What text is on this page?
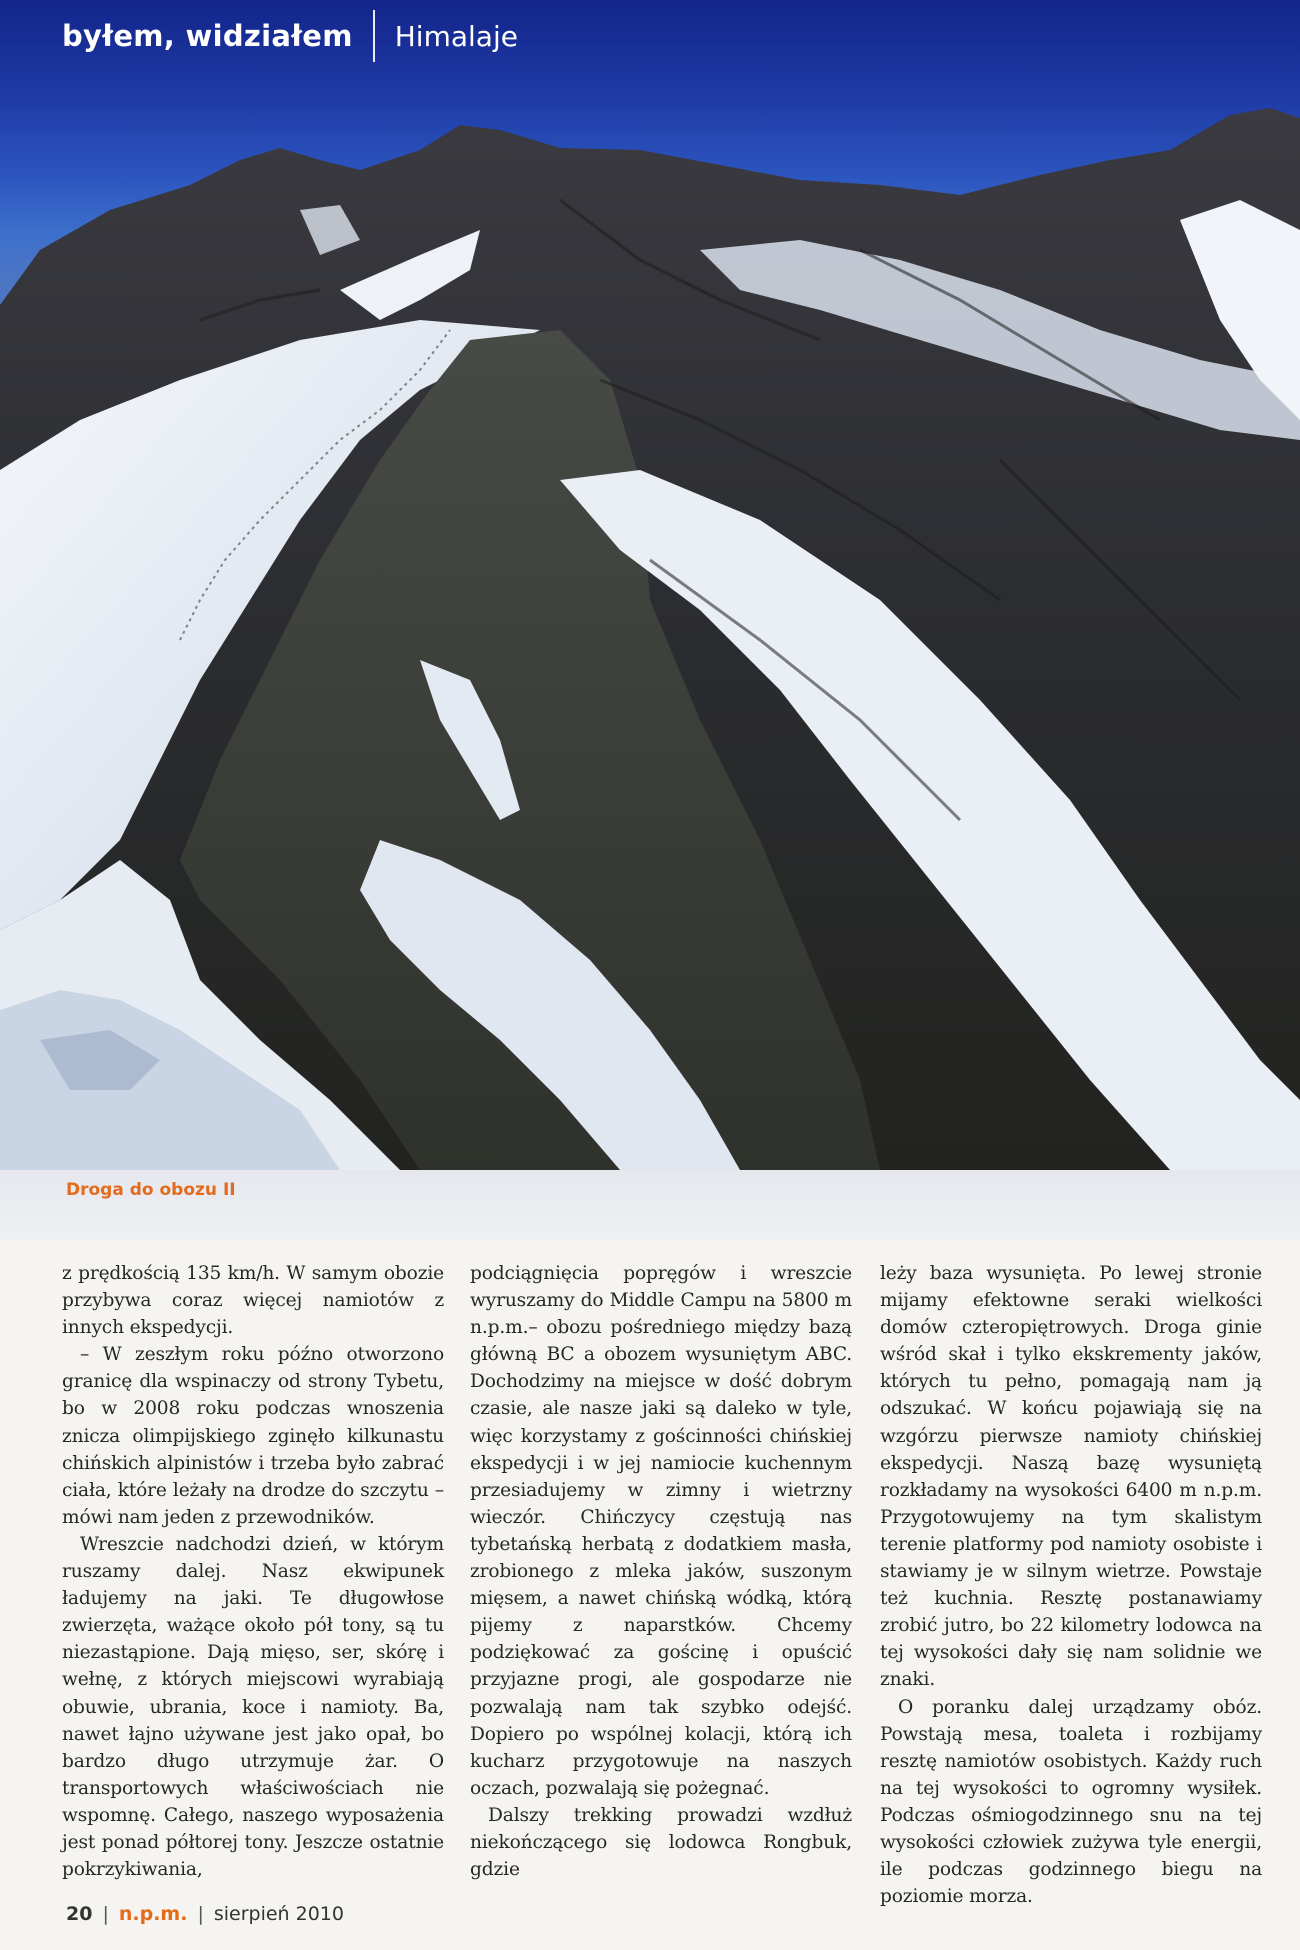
byłem, widziałem Himalaje
Droga do obozu II

z prędkością 135 km/h. W samym obozie przybywa coraz więcej namiotów z innych ekspedycji.

– W zeszłym roku późno otworzono granicę dla wspinaczy od strony Tybetu, bo w 2008 roku podczas wnoszenia znicza olimpijskiego zginęło kilkunastu chińskich alpinistów i trzeba było zabrać ciała, które leżały na drodze do szczytu – mówi nam jeden z przewodników.

Wreszcie nadchodzi dzień, w którym ruszamy dalej. Nasz ekwipunek ładujemy na jaki. Te długowłose zwierzęta, ważące około pół tony, są tu niezastąpione. Dają mięso, ser, skórę i wełnę, z których miejscowi wyrabiają obuwie, ubrania, koce i namioty. Ba, nawet łajno używane jest jako opał, bo bardzo długo utrzymuje żar. O transportowych właściwościach nie wspomnę. Całego, naszego wyposażenia jest ponad półtorej tony. Jeszcze ostatnie pokrzykiwania,

podciągnięcia popręgów i wreszcie wyruszamy do Middle Campu na 5800 m n.p.m.– obozu pośredniego między bazą główną BC a obozem wysuniętym ABC. Dochodzimy na miejsce w dość dobrym czasie, ale nasze jaki są daleko w tyle, więc korzystamy z gościnności chińskiej ekspedycji i w jej namiocie kuchennym przesiadujemy w zimny i wietrzny wieczór. Chińczycy częstują nas tybetańską herbatą z dodatkiem masła, zrobionego z mleka jaków, suszonym mięsem, a nawet chińską wódką, którą pijemy z naparstków. Chcemy podziękować za gościnę i opuścić przyjazne progi, ale gospodarze nie pozwalają nam tak szybko odejść. Dopiero po wspólnej kolacji, którą ich kucharz przygotowuje na naszych oczach, pozwalają się pożegnać.

Dalszy trekking prowadzi wzdłuż niekończącego się lodowca Rongbuk, gdzie

leży baza wysunięta. Po lewej stronie mijamy efektowne seraki wielkości domów czteropiętrowych. Droga ginie wśród skał i tylko ekskrementy jaków, których tu pełno, pomagają nam ją odszukać. W końcu pojawiają się na wzgórzu pierwsze namioty chińskiej ekspedycji. Naszą bazę wysuniętą rozkładamy na wysokości 6400 m n.p.m. Przygotowujemy na tym skalistym terenie platformy pod namioty osobiste i stawiamy je w silnym wietrze. Powstaje też kuchnia. Resztę postanawiamy zrobić jutro, bo 22 kilometry lodowca na tej wysokości dały się nam solidnie we znaki.

O poranku dalej urządzamy obóz. Powstają mesa, toaleta i rozbijamy resztę namiotów osobistych. Każdy ruch na tej wysokości to ogromny wysiłek. Podczas ośmiogodzinnego snu na tej wysokości człowiek zużywa tyle energii, ile podczas godzinnego biegu na poziomie morza.

20 | n.p.m. | sierpień 2010
